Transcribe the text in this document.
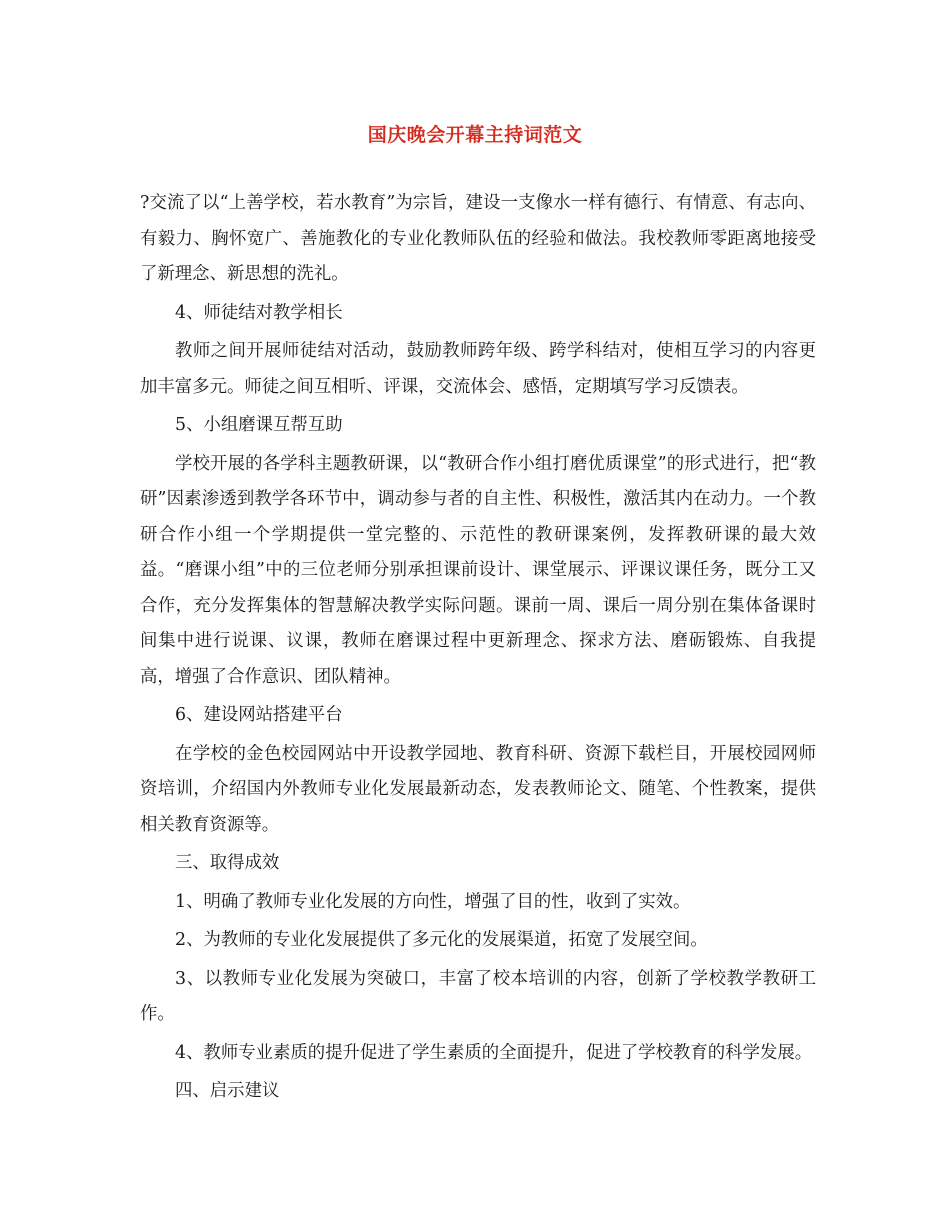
国庆晚会开幕主持词范文

?交流了以“上善学校，若水教育”为宗旨，建设一支像水一样有德行、有情意、有志向、有毅力、胸怀宽广、善施教化的专业化教师队伍的经验和做法。我校教师零距离地接受了新理念、新思想的洗礼。

4、师徒结对教学相长

教师之间开展师徒结对活动，鼓励教师跨年级、跨学科结对，使相互学习的内容更加丰富多元。师徒之间互相听、评课，交流体会、感悟，定期填写学习反馈表。

5、小组磨课互帮互助

学校开展的各学科主题教研课，以“教研合作小组打磨优质课堂”的形式进行，把“教研”因素渗透到教学各环节中，调动参与者的自主性、积极性，激活其内在动力。一个教研合作小组一个学期提供一堂完整的、示范性的教研课案例，发挥教研课的最大效益。“磨课小组”中的三位老师分别承担课前设计、课堂展示、评课议课任务，既分工又合作，充分发挥集体的智慧解决教学实际问题。课前一周、课后一周分别在集体备课时间集中进行说课、议课，教师在磨课过程中更新理念、探求方法、磨砺锻炼、自我提高，增强了合作意识、团队精神。

6、建设网站搭建平台

在学校的金色校园网站中开设教学园地、教育科研、资源下载栏目，开展校园网师资培训，介绍国内外教师专业化发展最新动态，发表教师论文、随笔、个性教案，提供相关教育资源等。

三、取得成效

1、明确了教师专业化发展的方向性，增强了目的性，收到了实效。

2、为教师的专业化发展提供了多元化的发展渠道，拓宽了发展空间。

3、以教师专业化发展为突破口，丰富了校本培训的内容，创新了学校教学教研工作。

4、教师专业素质的提升促进了学生素质的全面提升，促进了学校教育的科学发展。

四、启示建议
